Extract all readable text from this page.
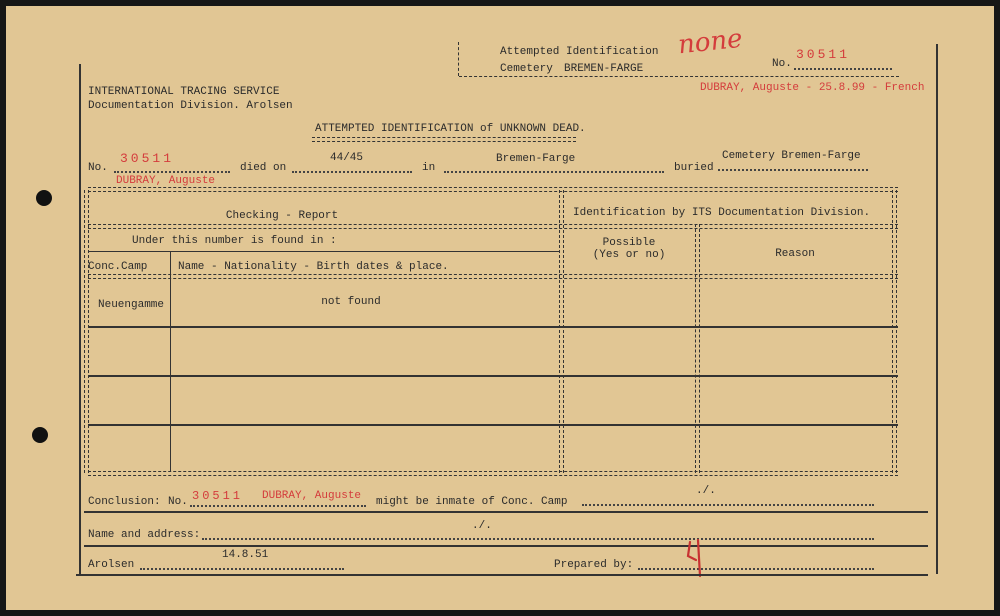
Attempted Identification
Cemetery BREMEN-FARGE
none
No.
30511
DUBRAY, Auguste - 25.8.99 - French
INTERNATIONAL TRACING SERVICE
Documentation Division. Arolsen
ATTEMPTED IDENTIFICATION of UNKNOWN DEAD.
No.
30511
died on
44/45
in
Bremen-Farge
buried
Cemetery Bremen-Farge
DUBRAY, Auguste
Checking - Report	Identification by ITS Documentation Division.
Under this number is found in :
Conc.Camp	Name - Nationality - Birth dates & place.
Possible
(Yes or no)	Reason
Neuengamme	not found
Conclusion: No. 30511 DUBRAY, Auguste might be inmate of Conc. Camp
./.
Name and address:
./.
Arolsen
14.8.51
Prepared by:
